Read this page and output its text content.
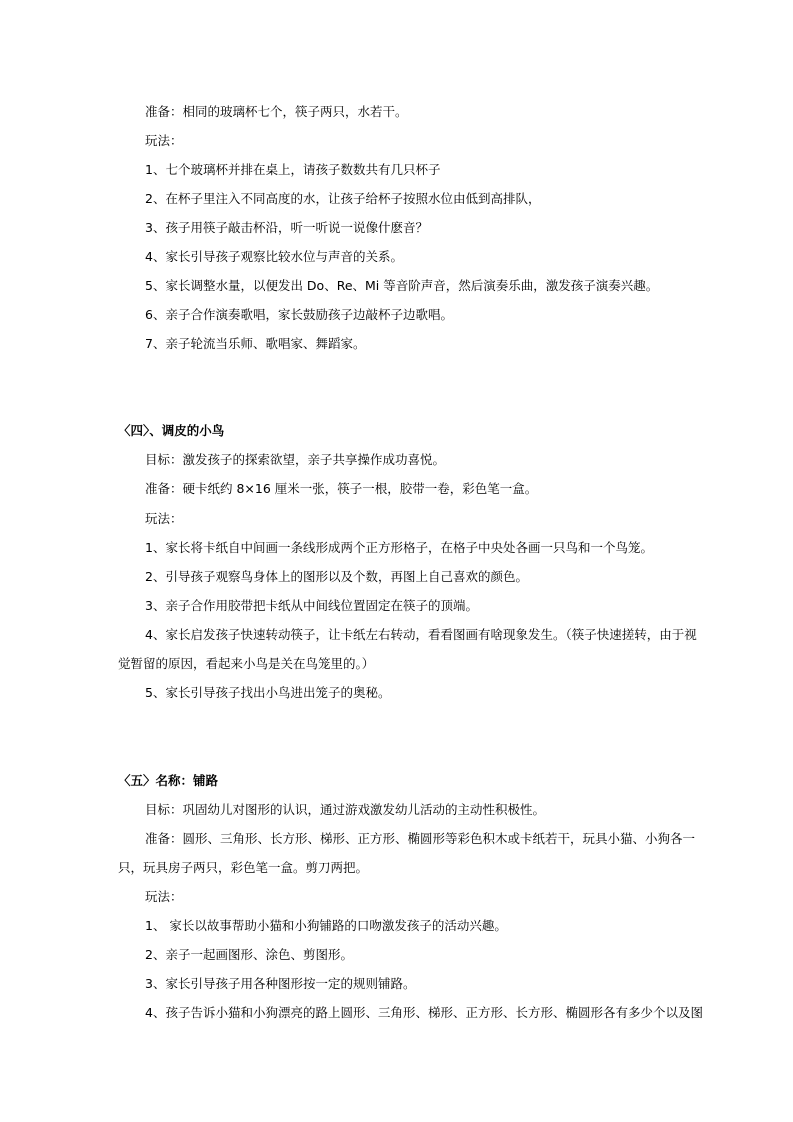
准备：相同的玻璃杯七个，筷子两只，水若干。
玩法：
1、七个玻璃杯并排在桌上，请孩子数数共有几只杯子
2、在杯子里注入不同高度的水，让孩子给杯子按照水位由低到高排队，
3、孩子用筷子敲击杯沿，听一听说一说像什麽音？
4、家长引导孩子观察比较水位与声音的关系。
5、家长调整水量，以便发出 Do、Re、Mi 等音阶声音，然后演奏乐曲，激发孩子演奏兴趣。
6、亲子合作演奏歌唱，家长鼓励孩子边敲杯子边歌唱。
7、亲子轮流当乐师、歌唱家、舞蹈家。
〈四〉、调皮的小鸟
目标：激发孩子的探索欲望，亲子共享操作成功喜悦。
准备：硬卡纸约 8×16 厘米一张，筷子一根，胶带一卷，彩色笔一盒。
玩法：
1、家长将卡纸自中间画一条线形成两个正方形格子，在格子中央处各画一只鸟和一个鸟笼。
2、引导孩子观察鸟身体上的图形以及个数，再图上自己喜欢的颜色。
3、亲子合作用胶带把卡纸从中间线位置固定在筷子的顶端。
4、家长启发孩子快速转动筷子，让卡纸左右转动，看看图画有啥现象发生。（筷子快速搓转，由于视
觉暂留的原因，看起来小鸟是关在鸟笼里的。）
5、家长引导孩子找出小鸟进出笼子的奥秘。
〈五〉名称：铺路
目标：巩固幼儿对图形的认识，通过游戏激发幼儿活动的主动性积极性。
准备：圆形、三角形、长方形、梯形、正方形、椭圆形等彩色积木或卡纸若干，玩具小猫、小狗各一
只，玩具房子两只，彩色笔一盒。剪刀两把。
玩法：
1、 家长以故事帮助小猫和小狗铺路的口吻激发孩子的活动兴趣。
2、亲子一起画图形、涂色、剪图形。
3、家长引导孩子用各种图形按一定的规则铺路。
4、孩子告诉小猫和小狗漂亮的路上圆形、三角形、梯形、正方形、长方形、椭圆形各有多少个以及图
